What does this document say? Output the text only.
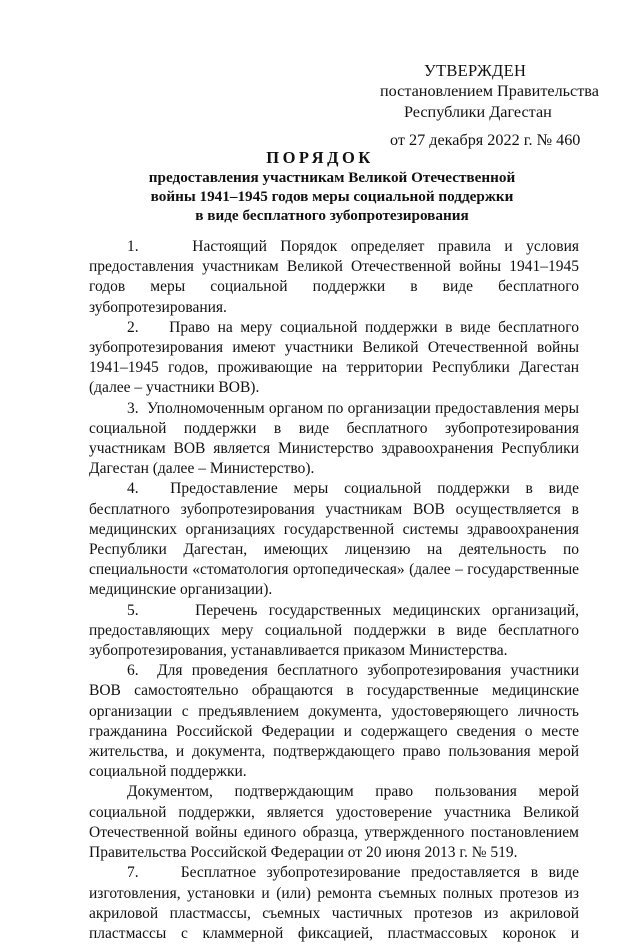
УТВЕРЖДЕН
постановлением Правительства
Республики Дагестан
от 27 декабря 2022 г. № 460
ПОРЯДОК
предоставления участникам Великой Отечественной
войны 1941–1945 годов меры социальной поддержки
в виде бесплатного зубопротезирования

1.    Настоящий Порядок определяет правила и условия предоставления участникам Великой Отечественной войны 1941–1945 годов меры социальной поддержки в виде бесплатного зубопротезирования.

2.    Право на меру социальной поддержки в виде бесплатного зубопротезирования имеют участники Великой Отечественной войны 1941–1945 годов, проживающие на территории Республики Дагестан (далее – участники ВОВ).

3.  Уполномоченным органом по организации предоставления меры социальной поддержки в виде бесплатного зубопротезирования участникам ВОВ является Министерство здравоохранения Республики Дагестан (далее – Министерство).

4.  Предоставление меры социальной поддержки в виде бесплатного зубопротезирования участникам ВОВ осуществляется в медицинских организациях государственной системы здравоохранения Республики Дагестан, имеющих лицензию на деятельность по специальности «стоматология ортопедическая» (далее – государственные медицинские организации).

5.     Перечень государственных медицинских организаций, предоставляющих меру социальной поддержки в виде бесплатного зубопротезирования, устанавливается приказом Министерства.

6.  Для проведения бесплатного зубопротезирования участники ВОВ самостоятельно обращаются в государственные медицинские организации с предъявлением документа, удостоверяющего личность гражданина Российской Федерации и содержащего сведения о месте жительства, и документа, подтверждающего право пользования мерой социальной поддержки.

Документом, подтверждающим право пользования мерой социальной поддержки, является удостоверение участника Великой Отечественной войны единого образца, утвержденного постановлением Правительства Российской Федерации от 20 июня 2013 г. № 519.

7.    Бесплатное зубопротезирование предоставляется в виде изготовления, установки и (или) ремонта съемных полных протезов из акриловой пластмассы, съемных частичных протезов из акриловой пластмассы с кламмерной фиксацией, пластмассовых коронок и
